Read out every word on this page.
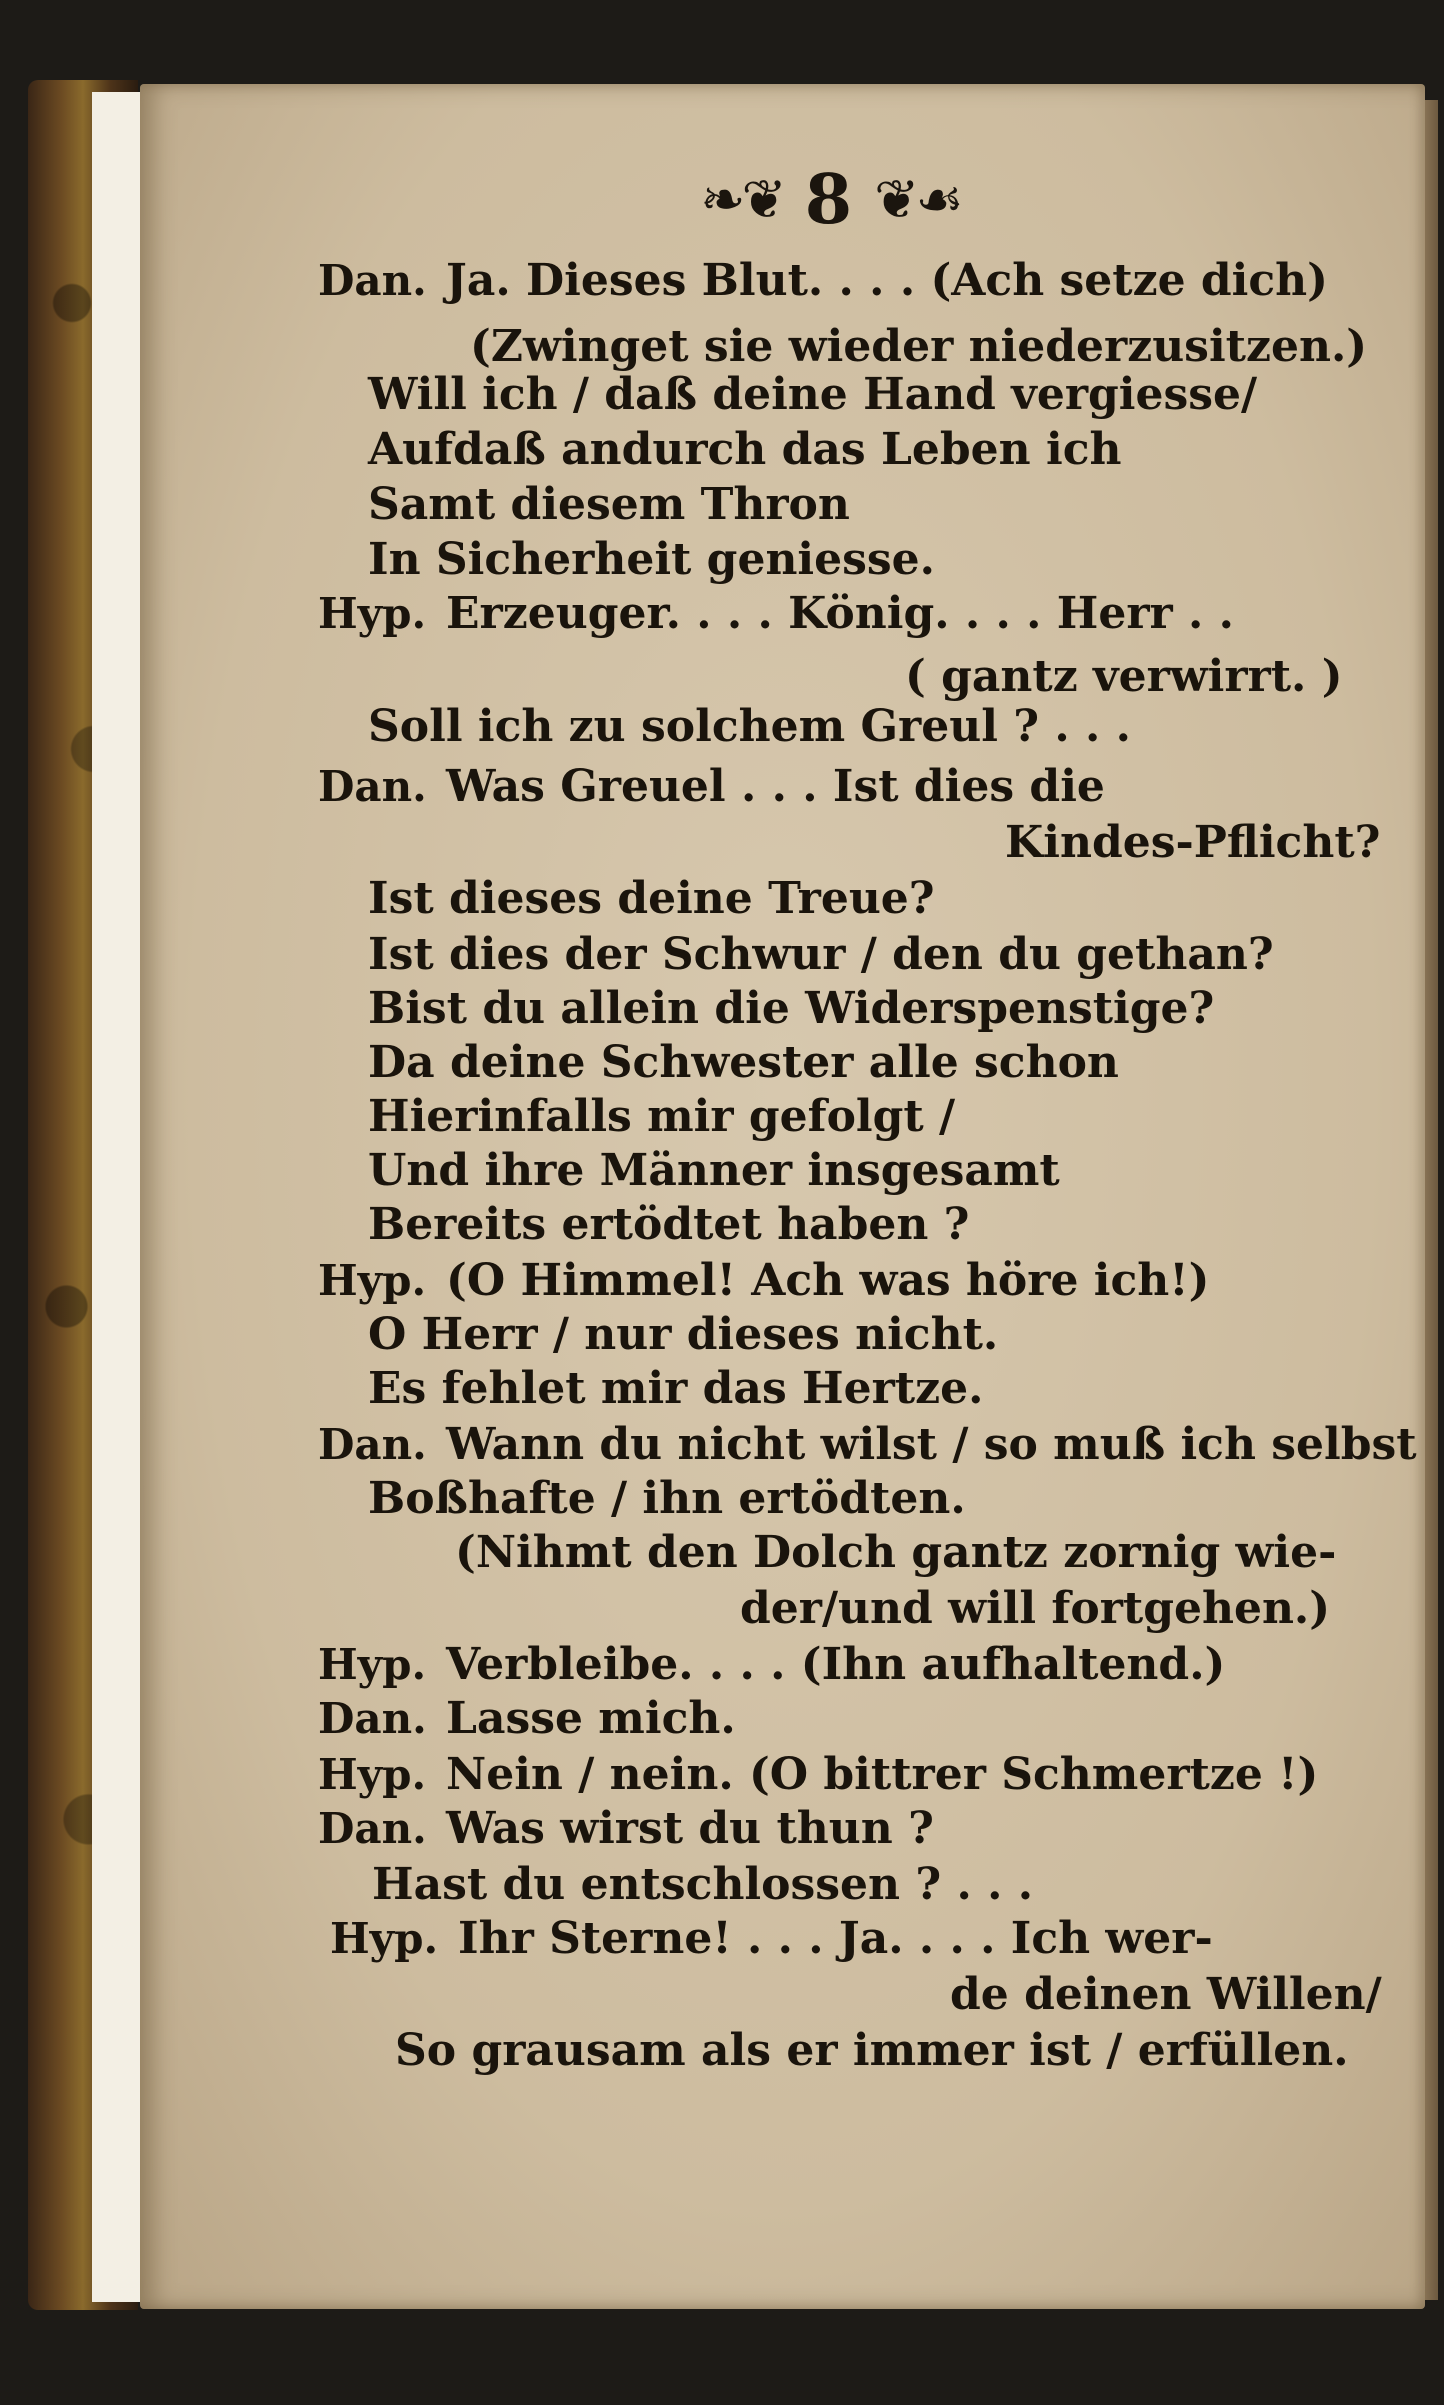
❧❦ 8 ❦☙
Dan. Ja. Dieses Blut. . . . (Ach setze dich)
(Zwinget sie wieder niederzusitzen.)
Will ich / daß deine Hand vergiesse/
Aufdaß andurch das Leben ich
Samt diesem Thron
In Sicherheit geniesse.
Hyp. Erzeuger. . . . König. . . . Herr . .
( gantz verwirrt. )
Soll ich zu solchem Greul ? . . .
Dan. Was Greuel . . . Ist dies die
Kindes-Pflicht?
Ist dieses deine Treue?
Ist dies der Schwur / den du gethan?
Bist du allein die Widerspenstige?
Da deine Schwester alle schon
Hierinfalls mir gefolgt /
Und ihre Männer insgesamt
Bereits ertödtet haben ?
Hyp. (O Himmel! Ach was höre ich!)
O Herr / nur dieses nicht.
Es fehlet mir das Hertze.
Dan. Wann du nicht wilst / so muß ich selbst
Boßhafte / ihn ertödten.
(Nihmt den Dolch gantz zornig wie-
der/und will fortgehen.)
Hyp. Verbleibe. . . . (Ihn aufhaltend.)
Dan. Lasse mich.
Hyp. Nein / nein. (O bittrer Schmertze !)
Dan. Was wirst du thun ?
Hast du entschlossen ? . . .
Hyp. Ihr Sterne! . . . Ja. . . . Ich wer-
de deinen Willen/
So grausam als er immer ist / erfüllen.
